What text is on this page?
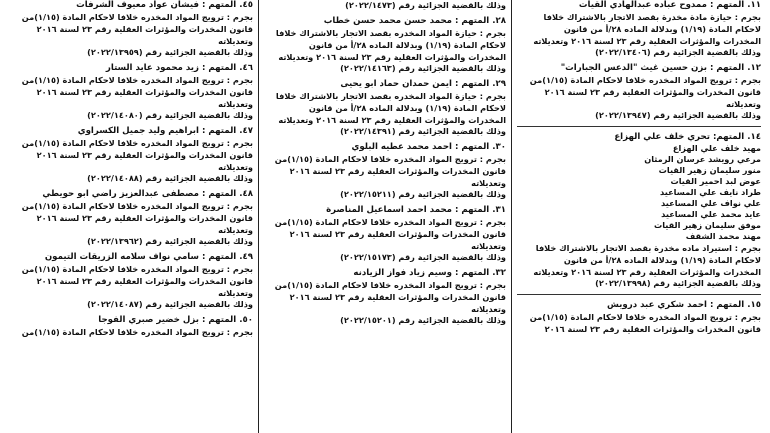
١١. المتهم : ممدوح عباده عبدالهادي القيات
بجرم : حيازة مادة مخدرة بقصد الاتجار بالاشتراك خلافا
لاحكام المادة (١/١٩) وبدلالة الماده ٢٨/أ من قانون
المخدرات والمؤثرات العقلية رقم ٢٣ لسنة ٢٠١٦ وتعديلاته
وذلك بالقضية الجزائية رقم (٢٠٢٢/١٣٤٠٦)
١٢. المتهم : بزن حسين غيث "الدعس الجبارات"
بجرم : ترويج المواد المخدره خلافا لاحكام المادة (١/١٥)من
قانون المخدرات والمؤثرات العقلية رقم ٢٣ لسنة ٢٠١٦
وتعديلاته
وذلك بالقضية الجزائية رقم (٢٠٢٢/١٣٩٤٧)
١٤. المتهم: تحري خلف علي الهزاع
مهيد خلف علي الهزاع
مرعي رويشد عرسان الرمثان
منور سليمان زهير القيات
عوض لبد احمير القيات
طراد نايف علي المساعيد
علي نواف علي المساعيد
عايد محمد علي المساعيد
موفق سليمان زهير القيات
مهند محمد الشقف
بجرم : استيراد ماده مخدرة بقصد الاتجار بالاشتراك خلافا
لاحكام المادة (١/١٩) وبدلالة الماده ٢٨/أ من قانون
المخدرات والمؤثرات العقلية رقم ٢٣ لسنة ٢٠١٦ وتعديلاته
وذلك بالقضية الجزائية رقم (٢٠٢٢/١٣٩٩٨)
١٥. المتهم : احمد شكري عبد درويش
بجرم : ترويج المواد المخدره خلافا لاحكام المادة (١/١٥)من
قانون المخدرات والمؤثرات العقلية رقم ٢٣ لسنة ٢٠١٦
وذلك بالقضية الجزائية رقم (٢٠٢٢/١٤٧٣)
٢٨. المتهم : محمد حسن محمد حسن خطاب
بجرم : حيازة المواد المخدره بقصد الاتجار بالاشتراك خلافا
لاحكام المادة (١/١٩) وبدلالة الماده ٢٨/أ من قانون
المخدرات والمؤثرات العقلية رقم ٢٣ لسنة ٢٠١٦ وتعديلاته
وذلك بالقضية الجزائية رقم (٢٠٢٢/١٤١٦٣)
٢٩. المتهم : ايمن حمدان حماد ابو يحيى
بجرم : حيازة المواد المخدره بقصد الاتجار بالاشتراك خلافا
لاحكام المادة (١/١٩) وبدلالة الماده ٢٨/أ من قانون
المخدرات والمؤثرات العقلية رقم ٢٣ لسنة ٢٠١٦ وتعديلاته
وذلك بالقضية الجزائية رقم (٢٠٢٢/١٤٣٩١)
٣٠. المتهم : احمد محمد عطيه البلوي
بجرم : ترويج المواد المخدره خلافا لاحكام المادة (١/١٥)من
قانون المخدرات والمؤثرات العقلية رقم ٢٣ لسنة ٢٠١٦
وتعديلاته
وذلك بالقضية الجزائية رقم (٢٠٢٢/١٥٢١١)
٣١. المتهم : محمد احمد اسماعيل المناصرة
بجرم : ترويج المواد المخدره خلافا لاحكام المادة (١/١٥)من
قانون المخدرات والمؤثرات العقلية رقم ٢٣ لسنة ٢٠١٦
وتعديلاته
وذلك بالقضية الجزائية رقم (٢٠٢٢/١٥١٧٣)
٣٢. المتهم : وسيم زياد فواز الزيادنه
بجرم : ترويج المواد المخدره خلافا لاحكام المادة (١/١٥)من
قانون المخدرات والمؤثرات العقلية رقم ٢٣ لسنة ٢٠١٦
وتعديلاته
وذلك بالقضية الجزائية رقم (٢٠٢٢/١٥٢٠١)
٤٥. المتهم : فيشان عواد معيوف الشرفات
بجرم : ترويج المواد المخدره خلافا لاحكام المادة (١/١٥)من
قانون المخدرات والمؤثرات العقلية رقم ٢٣ لسنة ٢٠١٦
وتعديلاته
وذلك بالقضية الجزائية رقم (٢٠٢٢/١٣٩٥٩)
٤٦. المتهم : زيد محمود عايد الستار
بجرم : ترويج المواد المخدره خلافا لاحكام المادة (١/١٥)من
قانون المخدرات والمؤثرات العقلية رقم ٢٣ لسنة ٢٠١٦
وتعديلاته
وذلك بالقضية الجزائية رقم (٢٠٢٢/١٤٠٨٠)
٤٧. المتهم : ابراهيم وليد جميل الكسراوي
بجرم : ترويج المواد المخدره خلافا لاحكام المادة (١/١٥)من
قانون المخدرات والمؤثرات العقلية رقم ٢٣ لسنة ٢٠١٦
وتعديلاته
وذلك بالقضية الجزائية رقم (٢٠٢٢/١٤٠٨٨)
٤٨. المتهم : مصطفى عبدالعزيز راضي ابو حويطي
بجرم : ترويج المواد المخدره خلافا لاحكام المادة (١/١٥)من
قانون المخدرات والمؤثرات العقلية رقم ٢٣ لسنة ٢٠١٦
وتعديلاته
وذلك بالقضية الجزائية رقم (٢٠٢٢/١٣٩٦٢)
٤٩. المتهم : سامي نواف سلامه الزريقات التيمون
بجرم : ترويج المواد المخدره خلافا لاحكام المادة (١/١٥)من
قانون المخدرات والمؤثرات العقلية رقم ٢٣ لسنة ٢٠١٦
وتعديلاته
وذلك بالقضية الجزائية رقم (٢٠٢٢/١٤٠٨٧)
٥٠. المتهم : بزل خضير صبري الفوجا
بجرم : ترويج المواد المخدره خلافا لاحكام المادة (١/١٥)من
